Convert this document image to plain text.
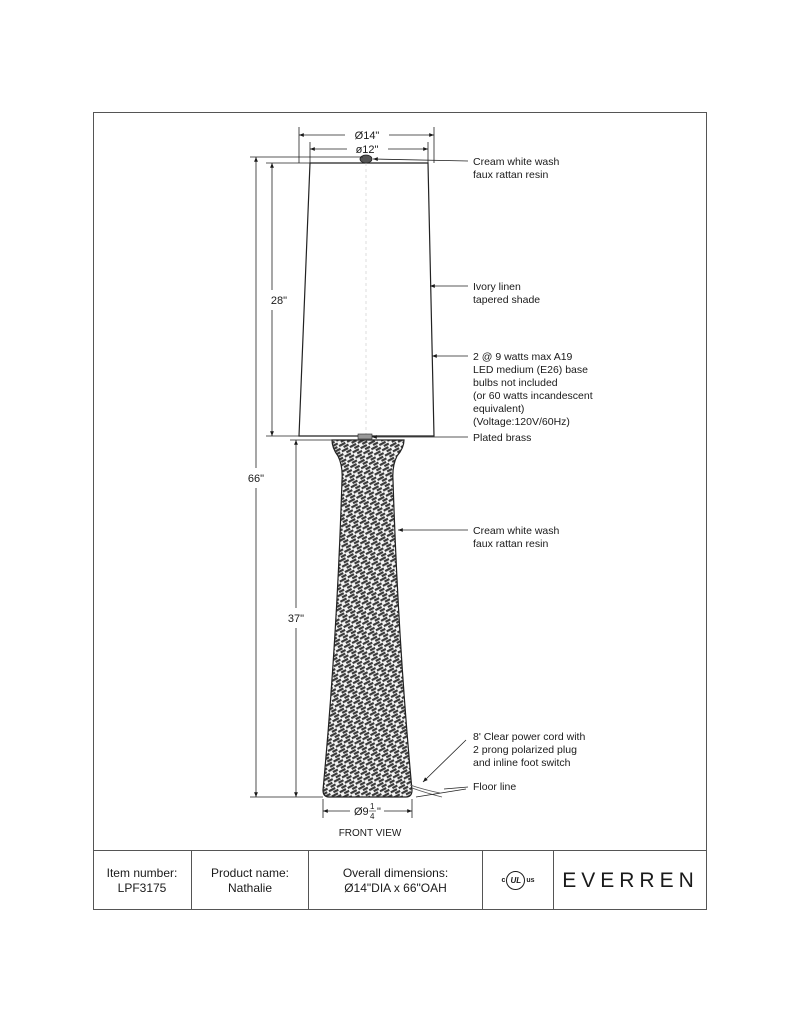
Ø14"
ø12"
28"
66"
37"
Ø9 1
4 "
FRONT VIEW
Cream white wash
faux rattan resin
Ivory linen
tapered shade
2 @ 9 watts max A19
LED medium (E26) base
bulbs not included
(or 60 watts incandescent
equivalent)
(Voltage:120V/60Hz)
Plated brass
Cream white wash
faux rattan resin
8' Clear power cord with
2 prong polarized plug
and inline foot switch
Floor line
Item number:
LPF3175
Product name:
Nathalie
Overall dimensions:
Ø14"DIA x 66"OAH	c UL us EVERREN
